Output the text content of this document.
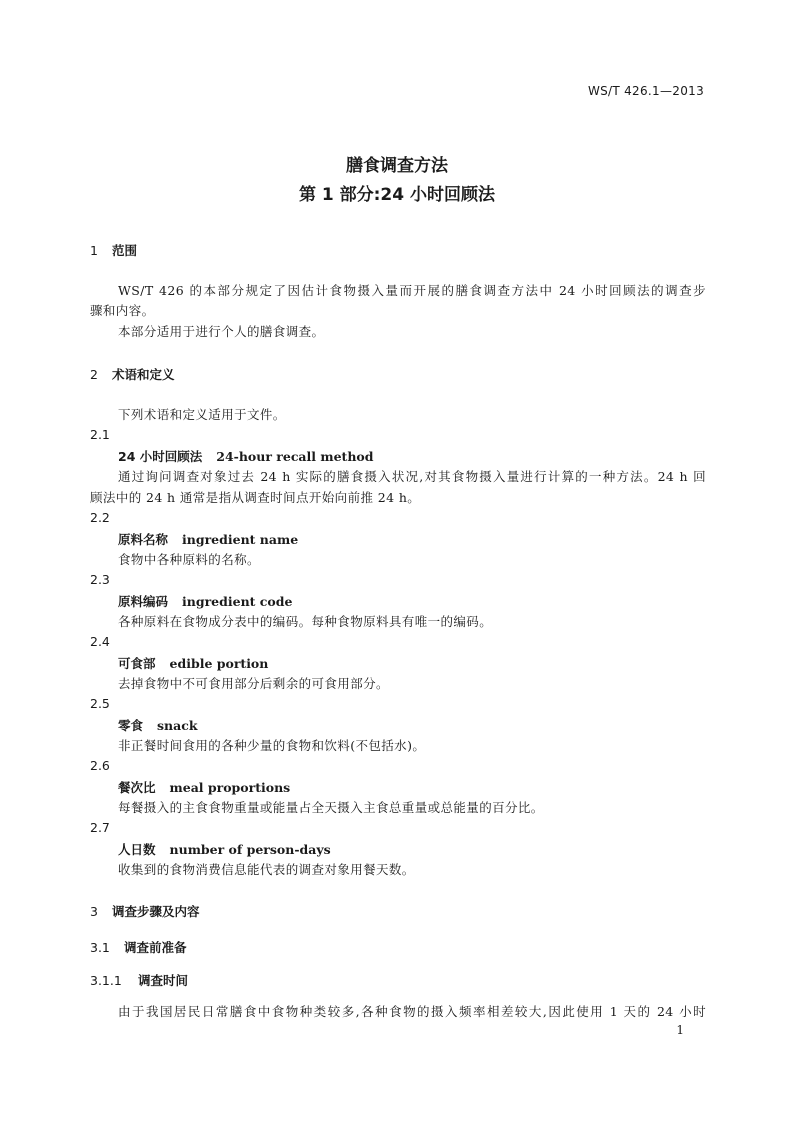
WS/T 426.1—2013
膳食调查方法
第 1 部分:24 小时回顾法
1 范围
WS/T 426 的本部分规定了因估计食物摄入量而开展的膳食调查方法中 24 小时回顾法的调查步
骤和内容。
本部分适用于进行个人的膳食调查。
2 术语和定义
下列术语和定义适用于文件。
2.1
24 小时回顾法 24-hour recall method
通过询问调查对象过去 24 h 实际的膳食摄入状况,对其食物摄入量进行计算的一种方法。24 h 回
顾法中的 24 h 通常是指从调查时间点开始向前推 24 h。
2.2
原料名称 ingredient name
食物中各种原料的名称。
2.3
原料编码 ingredient code
各种原料在食物成分表中的编码。每种食物原料具有唯一的编码。
2.4
可食部 edible portion
去掉食物中不可食用部分后剩余的可食用部分。
2.5
零食 snack
非正餐时间食用的各种少量的食物和饮料(不包括水)。
2.6
餐次比 meal proportions
每餐摄入的主食食物重量或能量占全天摄入主食总重量或总能量的百分比。
2.7
人日数 number of person-days
收集到的食物消费信息能代表的调查对象用餐天数。
3 调查步骤及内容
3.1 调查前准备
3.1.1 调查时间
由于我国居民日常膳食中食物种类较多,各种食物的摄入频率相差较大,因此使用 1 天的 24 小时
1
